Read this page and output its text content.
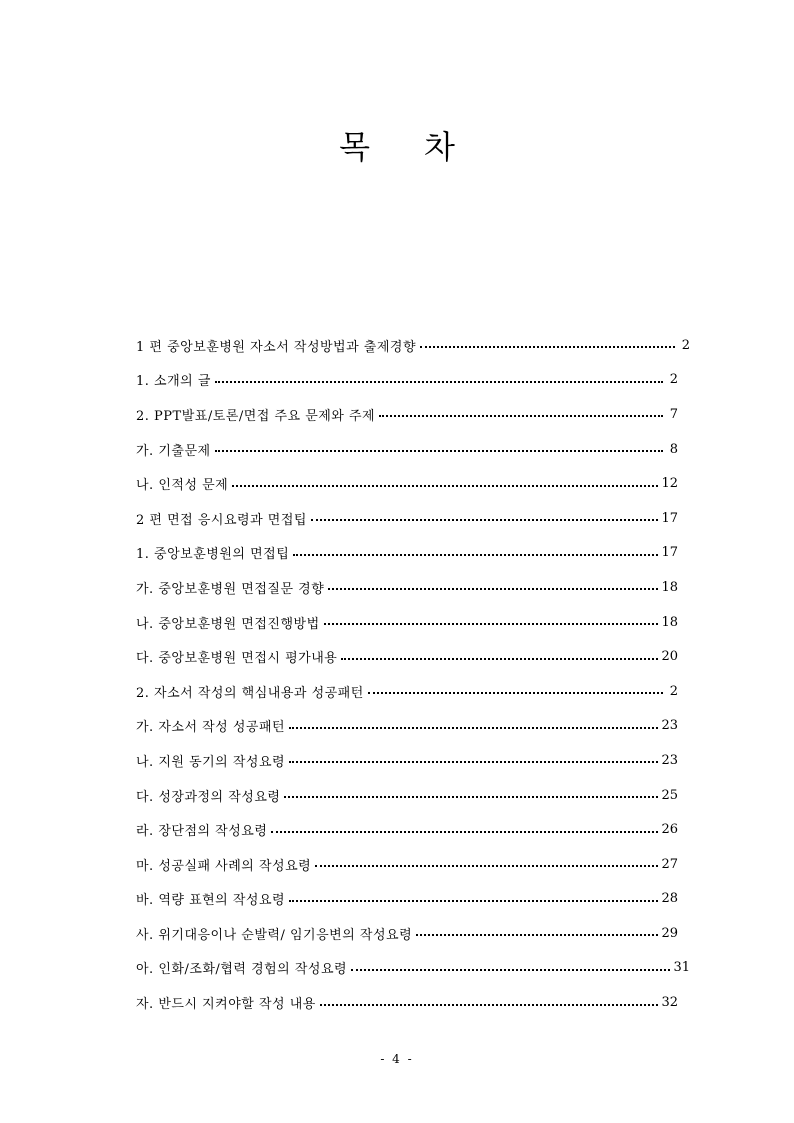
목 차
1 편 중앙보훈병원 자소서 작성방법과 출제경향	2
1. 소개의 글	2
2. PPT발표/토론/면접 주요 문제와 주제	7
가. 기출문제	8
나. 인적성 문제	12
2 편 면접 응시요령과 면접팁	17
1. 중앙보훈병원의 면접팁	17
가. 중앙보훈병원 면접질문 경향	18
나. 중앙보훈병원 면접진행방법	18
다. 중앙보훈병원 면접시 평가내용	20
2. 자소서 작성의 핵심내용과 성공패턴	2
가. 자소서 작성 성공패턴	23
나. 지원 동기의 작성요령	23
다. 성장과정의 작성요령	25
라. 장단점의 작성요령	26
마. 성공실패 사례의 작성요령	27
바. 역량 표현의 작성요령	28
사. 위기대응이나 순발력/ 임기응변의 작성요령	29
아. 인화/조화/협력 경험의 작성요령	31
자. 반드시 지켜야할 작성 내용	32
- 4 -
